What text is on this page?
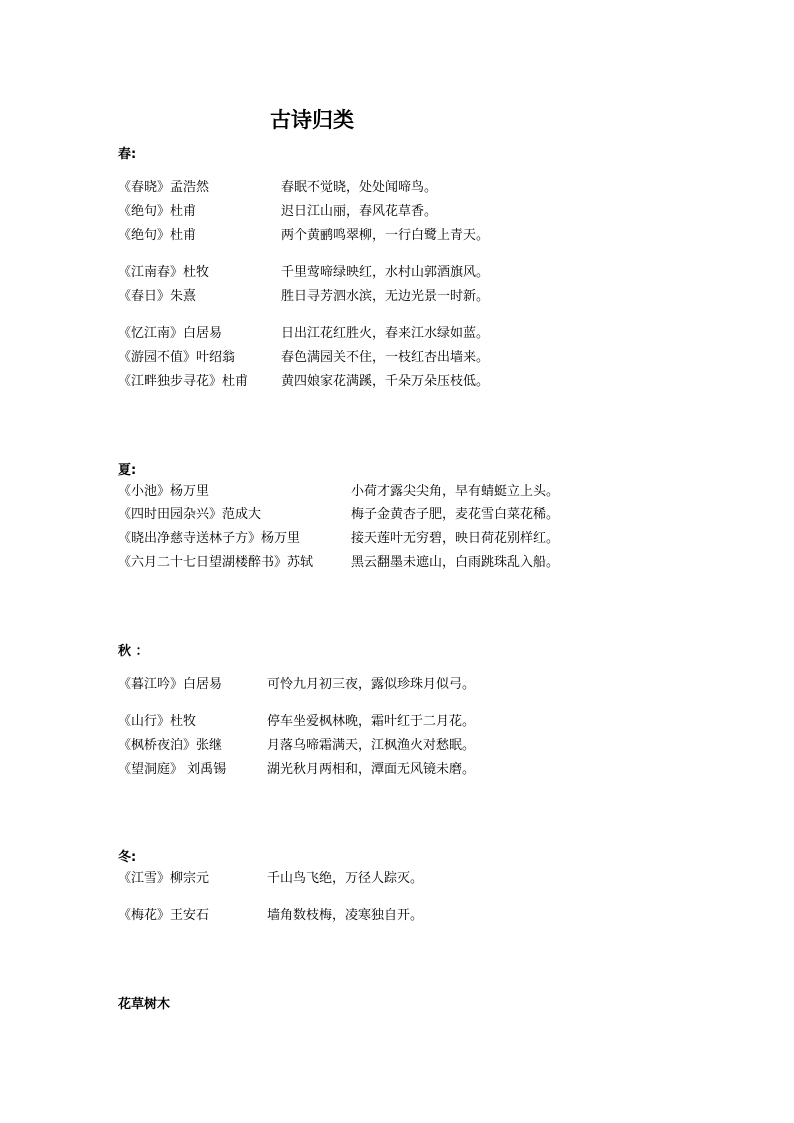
古诗归类
春:
《春晓》孟浩然	春眠不觉晓，处处闻啼鸟。
《绝句》杜甫	迟日江山丽，春风花草香。
《绝句》杜甫	两个黄鹂鸣翠柳，一行白鹭上青天。
《江南春》杜牧	千里莺啼绿映红，水村山郭酒旗风。
《春日》朱熹	胜日寻芳泗水滨，无边光景一时新。
《忆江南》白居易	日出江花红胜火，春来江水绿如蓝。
《游园不值》叶绍翁	春色满园关不住，一枝红杏出墙来。
《江畔独步寻花》杜甫	黄四娘家花满蹊，千朵万朵压枝低。
夏:
《小池》杨万里	小荷才露尖尖角，早有蜻蜓立上头。
《四时田园杂兴》范成大	梅子金黄杏子肥，麦花雪白菜花稀。
《晓出净慈寺送林子方》杨万里	接天莲叶无穷碧，映日荷花别样红。
《六月二十七日望湖楼醉书》苏轼	黑云翻墨未遮山，白雨跳珠乱入船。
秋 ：
《暮江吟》白居易	可怜九月初三夜，露似珍珠月似弓。
《山行》杜牧	停车坐爱枫林晚，霜叶红于二月花。
《枫桥夜泊》张继	月落乌啼霜满天，江枫渔火对愁眠。
《望洞庭》 刘禹锡	湖光秋月两相和，潭面无风镜未磨。
冬:
《江雪》柳宗元	千山鸟飞绝，万径人踪灭。
《梅花》王安石	墙角数枝梅，凌寒独自开。
花草树木
